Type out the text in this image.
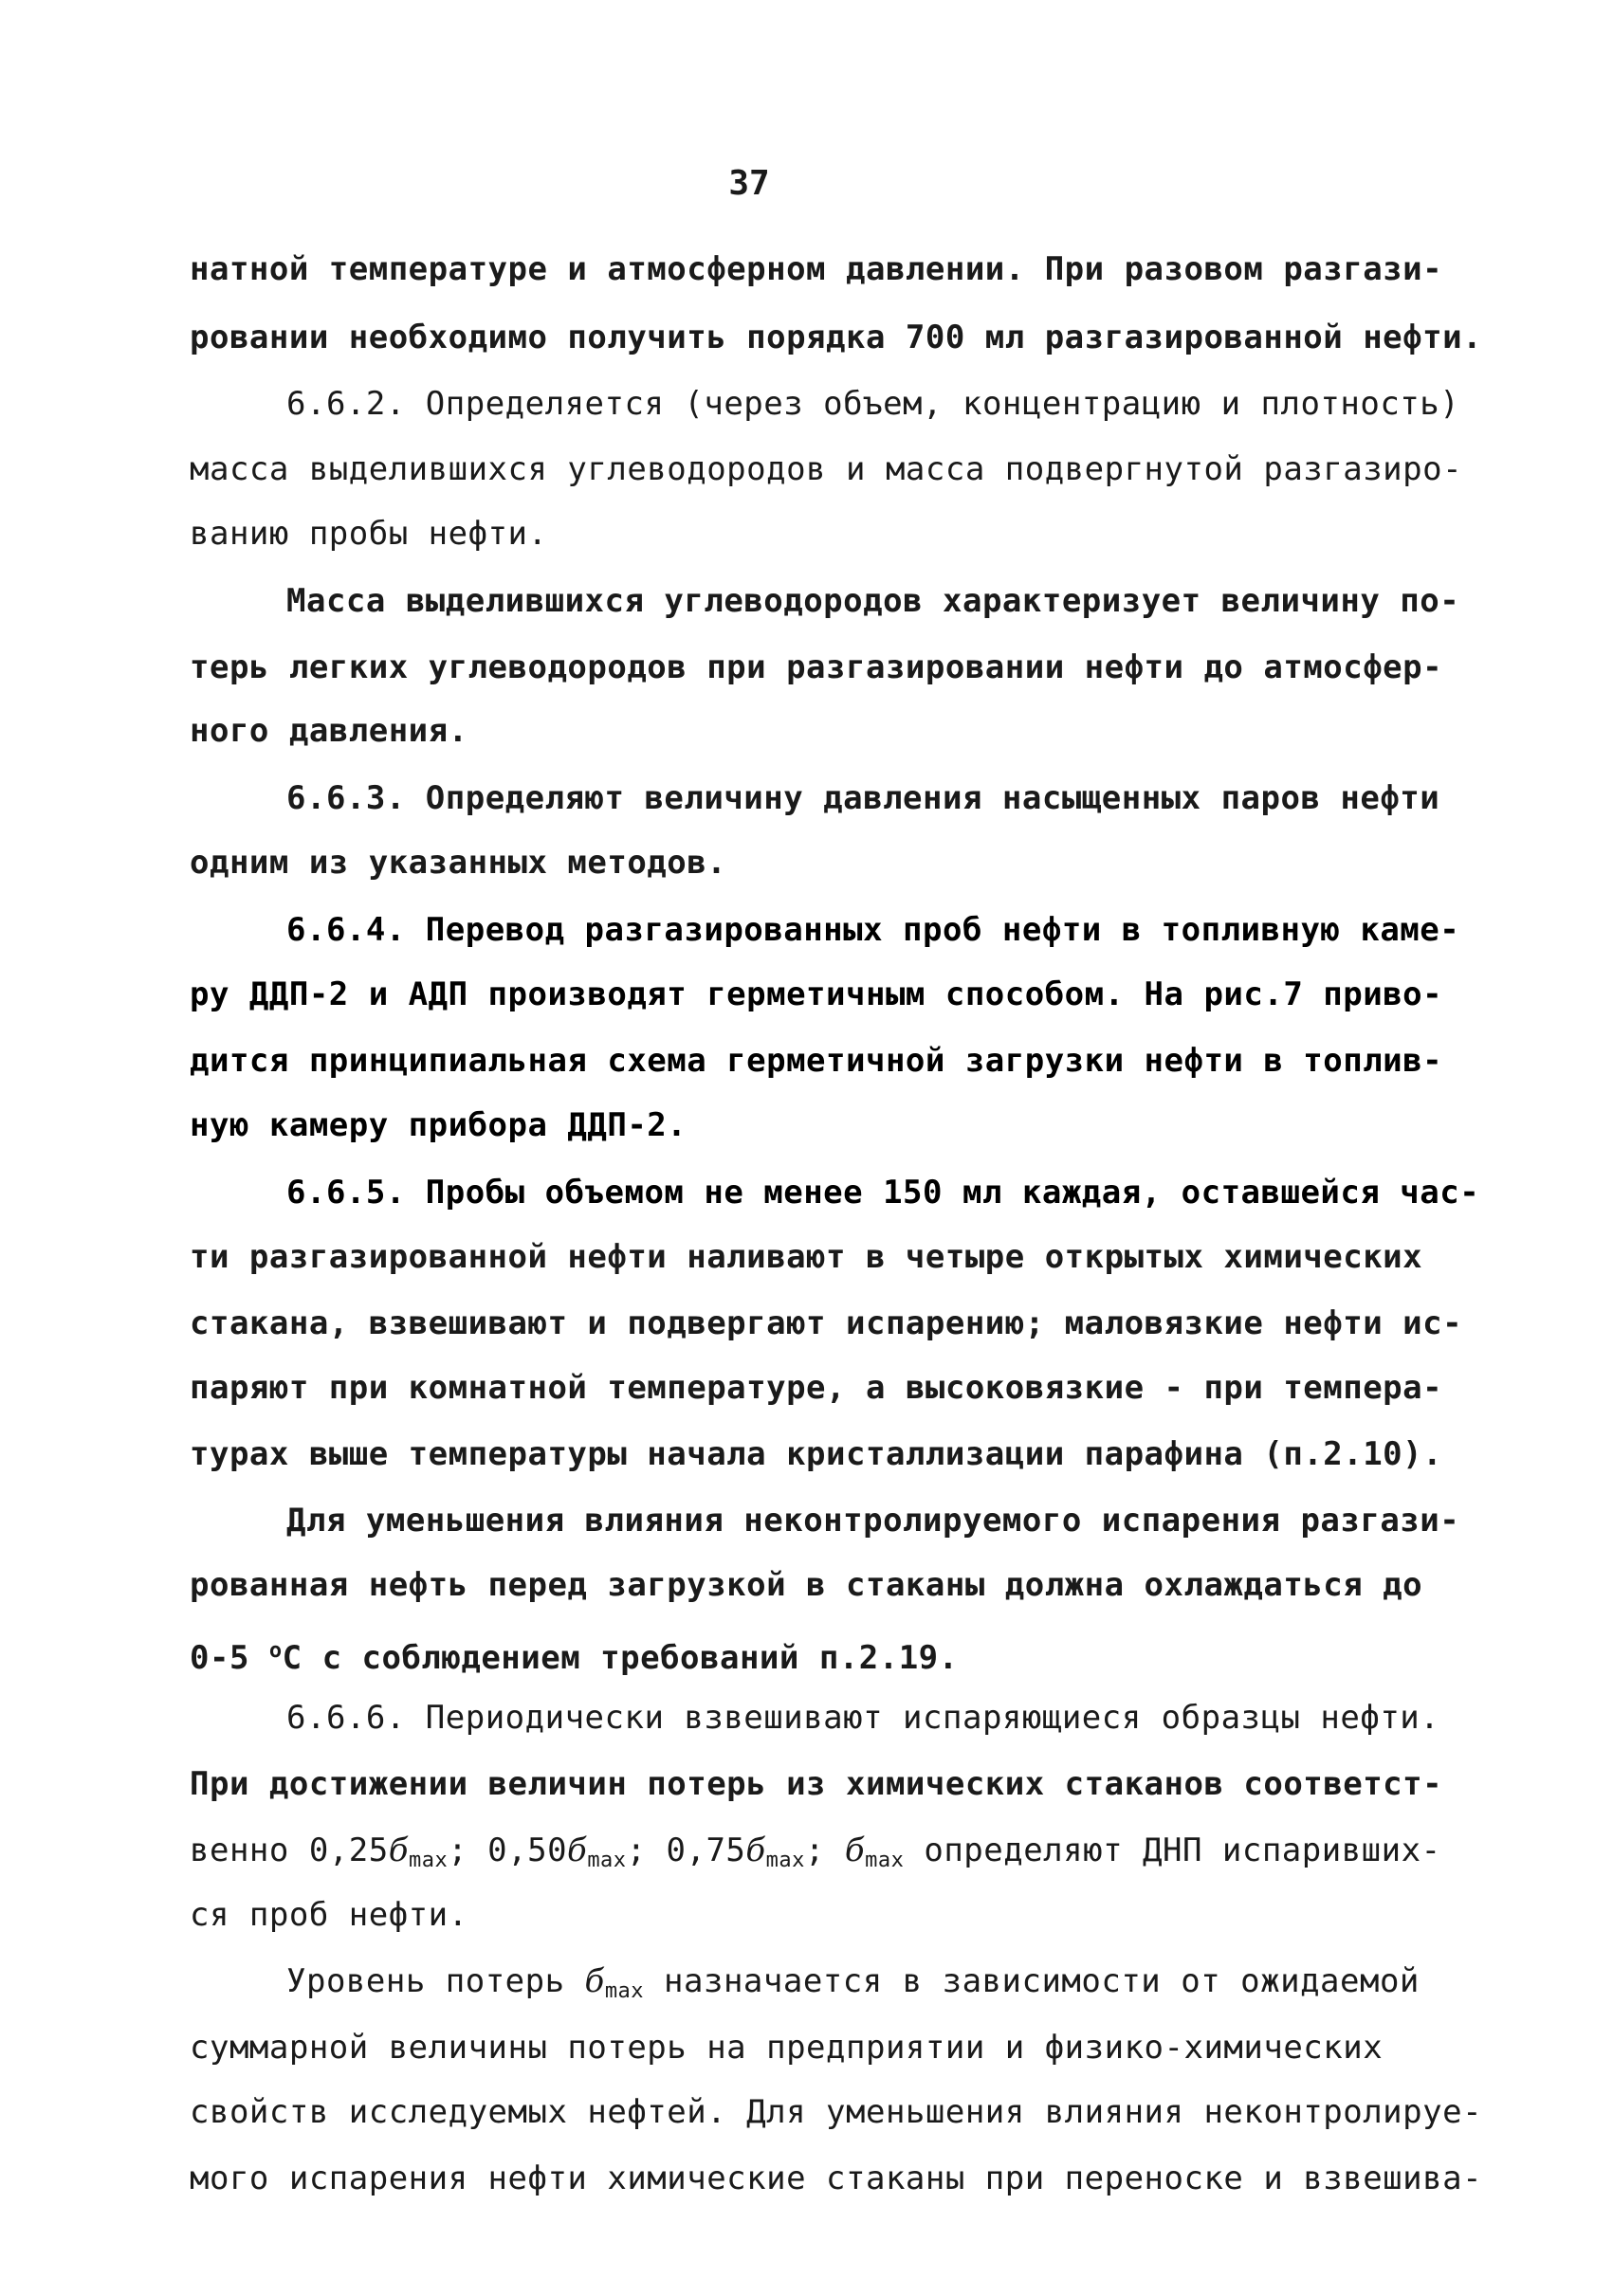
37
натной температуре и атмосферном давлении. При разовом разгази-
ровании необходимо получить порядка 700 мл разгазированной нефти.
6.6.2. Определяется (через объем, концентрацию и плотность)
масса выделившихся углеводородов и масса подвергнутой разгазиро-
ванию пробы нефти.
Масса выделившихся углеводородов характеризует величину по-
терь легких углеводородов при разгазировании нефти до атмосфер-
ного давления.
6.6.3. Определяют величину давления насыщенных паров нефти
одним из указанных методов.
6.6.4. Перевод разгазированных проб нефти в топливную каме-
ру ДДП-2 и АДП производят герметичным способом. На рис.7 приво-
дится принципиальная схема герметичной загрузки нефти в топлив-
ную камеру прибора ДДП-2.
6.6.5. Пробы объемом не менее 150 мл каждая, оставшейся час-
ти разгазированной нефти наливают в четыре открытых химических
стакана, взвешивают и подвергают испарению; маловязкие нефти ис-
паряют при комнатной температуре, а высоковязкие - при темпера-
турах выше температуры начала кристаллизации парафина (п.2.10).
Для уменьшения влияния неконтролируемого испарения разгази-
рованная нефть перед загрузкой в стаканы должна охлаждаться до
0-5 $^o$C с соблюдением требований п.2.19.
6.6.6. Периодически взвешивают испаряющиеся образцы нефти.
При достижении величин потерь из химических стаканов соответст-
венно $0,25б_{max}$; $0,50б_{max}$; $0,75б_{max}$; $б_{max}$ определяют ДНП испаривших-
ся проб нефти.
Уровень потерь $б_{max}$ назначается в зависимости от ожидаемой
суммарной величины потерь на предприятии и физико-химических
свойств исследуемых нефтей. Для уменьшения влияния неконтролируе-
мого испарения нефти химические стаканы при переноске и взвешива-
